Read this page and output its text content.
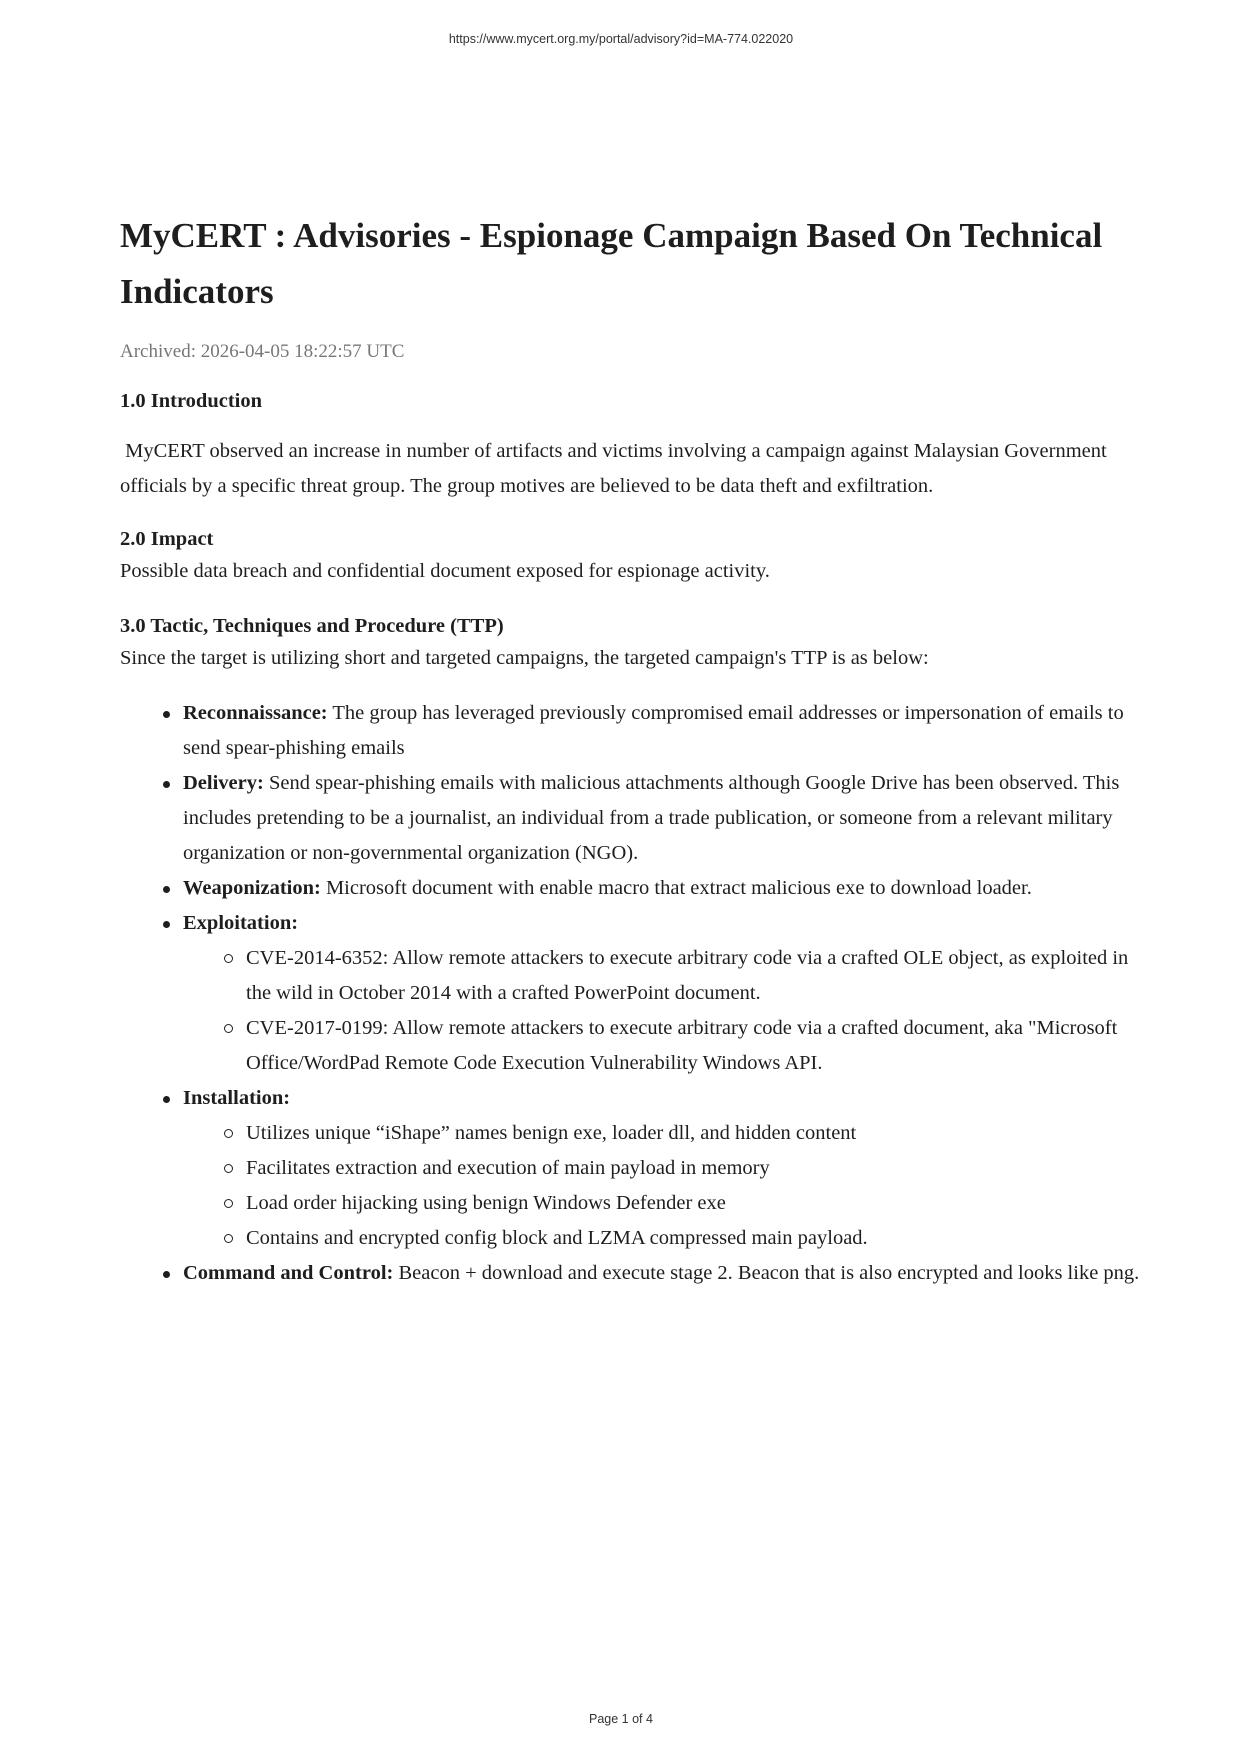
https://www.mycert.org.my/portal/advisory?id=MA-774.022020
MyCERT : Advisories - Espionage Campaign Based On Technical Indicators
Archived: 2026-04-05 18:22:57 UTC
1.0 Introduction
MyCERT observed an increase in number of artifacts and victims involving a campaign against Malaysian Government officials by a specific threat group. The group motives are believed to be data theft and exfiltration.
2.0 Impact
Possible data breach and confidential document exposed for espionage activity.
3.0 Tactic, Techniques and Procedure (TTP)
Since the target is utilizing short and targeted campaigns, the targeted campaign's TTP is as below:
Reconnaissance: The group has leveraged previously compromised email addresses or impersonation of emails to send spear-phishing emails
Delivery: Send spear-phishing emails with malicious attachments although Google Drive has been observed. This includes pretending to be a journalist, an individual from a trade publication, or someone from a relevant military organization or non-governmental organization (NGO).
Weaponization: Microsoft document with enable macro that extract malicious exe to download loader.
Exploitation:
CVE-2014-6352: Allow remote attackers to execute arbitrary code via a crafted OLE object, as exploited in the wild in October 2014 with a crafted PowerPoint document.
CVE-2017-0199: Allow remote attackers to execute arbitrary code via a crafted document, aka "Microsoft Office/WordPad Remote Code Execution Vulnerability Windows API.
Installation:
Utilizes unique “iShape” names benign exe, loader dll, and hidden content
Facilitates extraction and execution of main payload in memory
Load order hijacking using benign Windows Defender exe
Contains and encrypted config block and LZMA compressed main payload.
Command and Control: Beacon + download and execute stage 2. Beacon that is also encrypted and looks like png.
Page 1 of 4
